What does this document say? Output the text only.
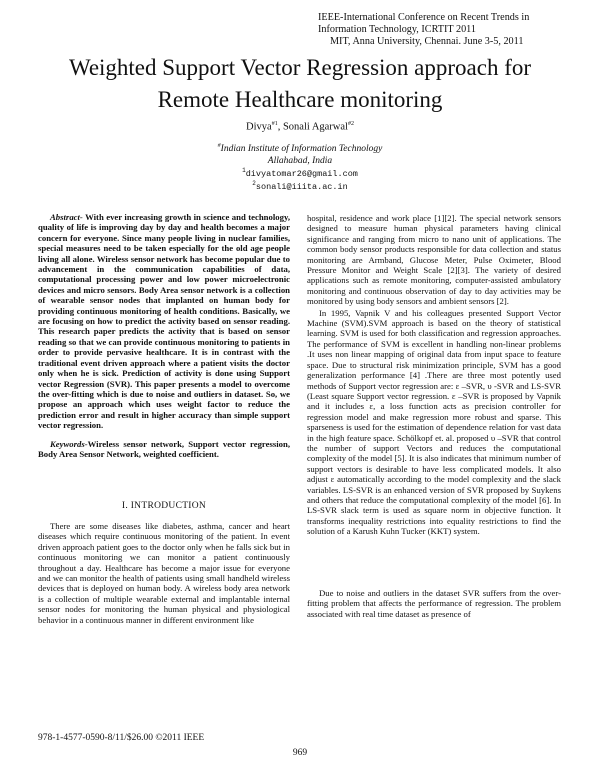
IEEE-International Conference on Recent Trends in Information Technology, ICRTIT 2011
MIT, Anna University, Chennai. June 3-5, 2011
Weighted Support Vector Regression approach for
Remote Healthcare monitoring
Divya$^{\#1}$, Sonali Agarwal$^{\#2}$
#Indian Institute of Information Technology
Allahabad, India
$^1$divyatomar26@gmail.com
$^2$sonali@iiita.ac.in

Abstract- With ever increasing growth in science and technology, quality of life is improving day by day and health becomes a major concern for everyone. Since many people living in nuclear families, special measures need to be taken especially for the old age people living all alone. Wireless sensor network has become popular due to advancement in the communication capabilities of data, computational processing power and low power microelectronic devices and micro sensors. Body Area sensor network is a collection of wearable sensor nodes that implanted on human body for providing continuous monitoring of health conditions. Basically, we are focusing on how to predict the activity based on sensor reading. This research paper predicts the activity that is based on sensor reading so that we can provide continuous monitoring to patients in order to provide pervasive healthcare. It is in contrast with the traditional event driven approach where a patient visits the doctor only when he is sick. Prediction of activity is done using Support vector Regression (SVR). This paper presents a model to overcome the over-fitting which is due to noise and outliers in dataset. So, we propose an approach which uses weight factor to reduce the prediction error and result in higher accuracy than simple support vector regression.

Keywords-Wireless sensor network, Support vector regression, Body Area Sensor Network, weighted coefficient.

I. INTRODUCTION

There are some diseases like diabetes, asthma, cancer and heart diseases which require continuous monitoring of the patient. In event driven approach patient goes to the doctor only when he falls sick but in continuous monitoring we can monitor a patient continuously throughout a day. Healthcare has become a major issue for everyone and we can monitor the health of patients using small handheld wireless devices that is deployed on human body. A wireless body area network is a collection of multiple wearable external and implantable internal sensor nodes for monitoring the human physical and physiological behavior in a continuous manner in different environment like

hospital, residence and work place [1][2]. The special network sensors designed to measure human physical parameters having clinical significance and ranging from micro to nano unit of applications. The common body sensor products responsible for data collection and status monitoring are Armband, Glucose Meter, Pulse Oximeter, Blood Pressure Monitor and Weight Scale [2][3]. The variety of desired applications such as remote monitoring, computer-assisted ambulatory monitoring and continuous observation of day to day activities may be monitored by using body sensors and ambient sensors [2].

In 1995, Vapnik V and his colleagues presented Support Vector Machine (SVM).SVM approach is based on the theory of statistical learning. SVM is used for both classification and regression approaches. The performance of SVM is excellent in handling non-linear problems .It uses non linear mapping of original data from input space to feature space. Due to structural risk minimization principle, SVM has a good generalization performance [4] .There are three most potently used methods of Support vector regression are: ε –SVR, υ -SVR and LS-SVR (Least square Support vector regression. ε –SVR is proposed by Vapnik and it includes ε, a loss function acts as precision controller for regression model and make regression more robust and sparse. This sparseness is used for the estimation of dependence relation for vast data in the high feature space. Schölkopf et. al. proposed υ –SVR that control the number of support Vectors and reduces the computational complexity of the model [5]. It is also indicates that minimum number of support vectors is desirable to have less complicated models. It also adjust ε automatically according to the model complexity and the slack variables. LS-SVR is an enhanced version of SVR proposed by Suykens and others that reduce the computational complexity of the model [6]. In LS-SVR slack term is used as square norm in objective function. It transforms inequality restrictions into equality restrictions to find the solution of a Karush Kuhn Tucker (KKT) system.

Due to noise and outliers in the dataset SVR suffers from the over-fitting problem that affects the performance of regression. The problem associated with real time dataset as presence of

978-1-4577-0590-8/11/$26.00 ©2011 IEEE
969
